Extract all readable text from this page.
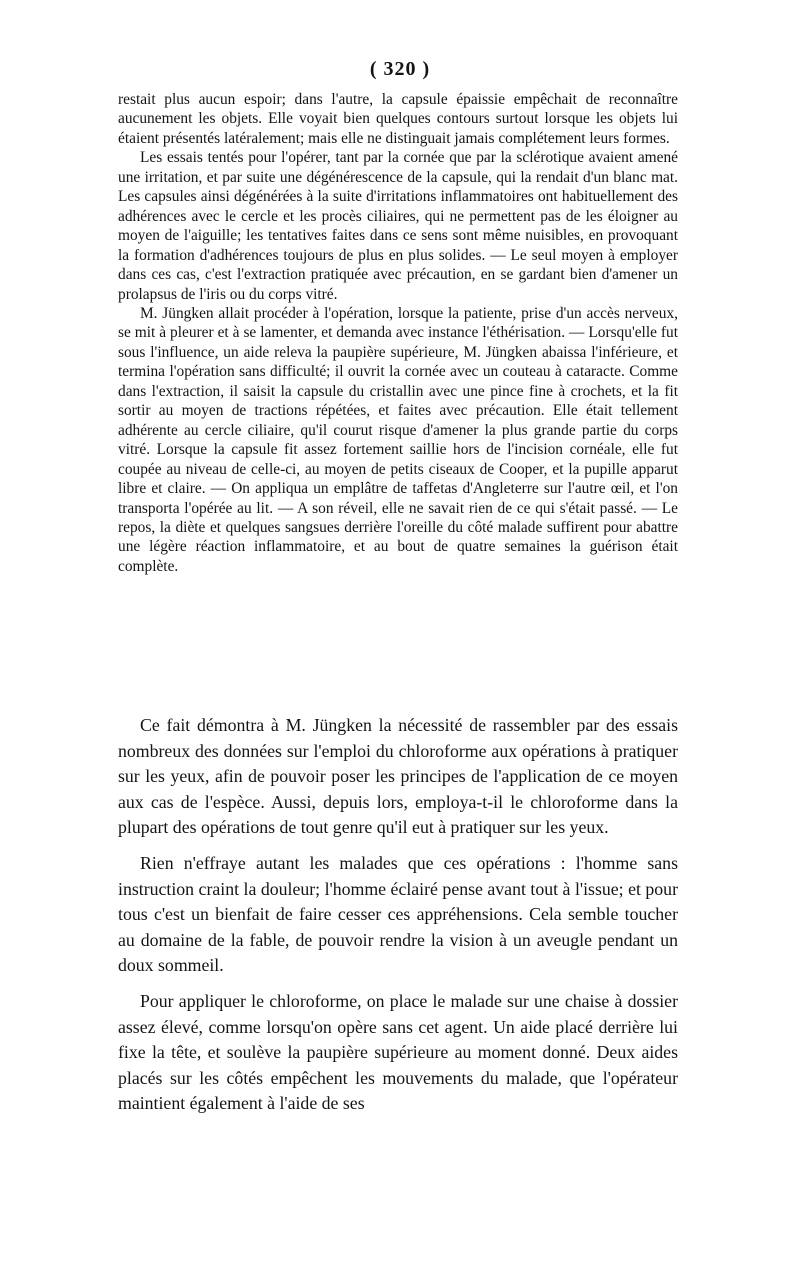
( 320 )

restait plus aucun espoir; dans l'autre, la capsule épaissie empêchait de reconnaître aucunement les objets. Elle voyait bien quelques contours surtout lorsque les objets lui étaient présentés latéralement; mais elle ne distinguait jamais complétement leurs formes.

Les essais tentés pour l'opérer, tant par la cornée que par la sclérotique avaient amené une irritation, et par suite une dégénérescence de la capsule, qui la rendait d'un blanc mat. Les capsules ainsi dégénérées à la suite d'irritations inflammatoires ont habituellement des adhérences avec le cercle et les procès ciliaires, qui ne permettent pas de les éloigner au moyen de l'aiguille; les tentatives faites dans ce sens sont même nuisibles, en provoquant la formation d'adhérences toujours de plus en plus solides. — Le seul moyen à employer dans ces cas, c'est l'extraction pratiquée avec précaution, en se gardant bien d'amener un prolapsus de l'iris ou du corps vitré.

M. Jüngken allait procéder à l'opération, lorsque la patiente, prise d'un accès nerveux, se mit à pleurer et à se lamenter, et demanda avec instance l'éthérisation. — Lorsqu'elle fut sous l'influence, un aide releva la paupière supérieure, M. Jüngken abaissa l'inférieure, et termina l'opération sans difficulté; il ouvrit la cornée avec un couteau à cataracte. Comme dans l'extraction, il saisit la capsule du cristallin avec une pince fine à crochets, et la fit sortir au moyen de tractions répétées, et faites avec précaution. Elle était tellement adhérente au cercle ciliaire, qu'il courut risque d'amener la plus grande partie du corps vitré. Lorsque la capsule fit assez fortement saillie hors de l'incision cornéale, elle fut coupée au niveau de celle-ci, au moyen de petits ciseaux de Cooper, et la pupille apparut libre et claire. — On appliqua un emplâtre de taffetas d'Angleterre sur l'autre œil, et l'on transporta l'opérée au lit. — A son réveil, elle ne savait rien de ce qui s'était passé. — Le repos, la diète et quelques sangsues derrière l'oreille du côté malade suffirent pour abattre une légère réaction inflammatoire, et au bout de quatre semaines la guérison était complète.

Ce fait démontra à M. Jüngken la nécessité de rassembler par des essais nombreux des données sur l'emploi du chloroforme aux opérations à pratiquer sur les yeux, afin de pouvoir poser les principes de l'application de ce moyen aux cas de l'espèce. Aussi, depuis lors, employa-t-il le chloroforme dans la plupart des opérations de tout genre qu'il eut à pratiquer sur les yeux.

Rien n'effraye autant les malades que ces opérations : l'homme sans instruction craint la douleur; l'homme éclairé pense avant tout à l'issue; et pour tous c'est un bienfait de faire cesser ces appréhensions. Cela semble toucher au domaine de la fable, de pouvoir rendre la vision à un aveugle pendant un doux sommeil.

Pour appliquer le chloroforme, on place le malade sur une chaise à dossier assez élevé, comme lorsqu'on opère sans cet agent. Un aide placé derrière lui fixe la tête, et soulève la paupière supérieure au moment donné. Deux aides placés sur les côtés empêchent les mouvements du malade, que l'opérateur maintient également à l'aide de ses
